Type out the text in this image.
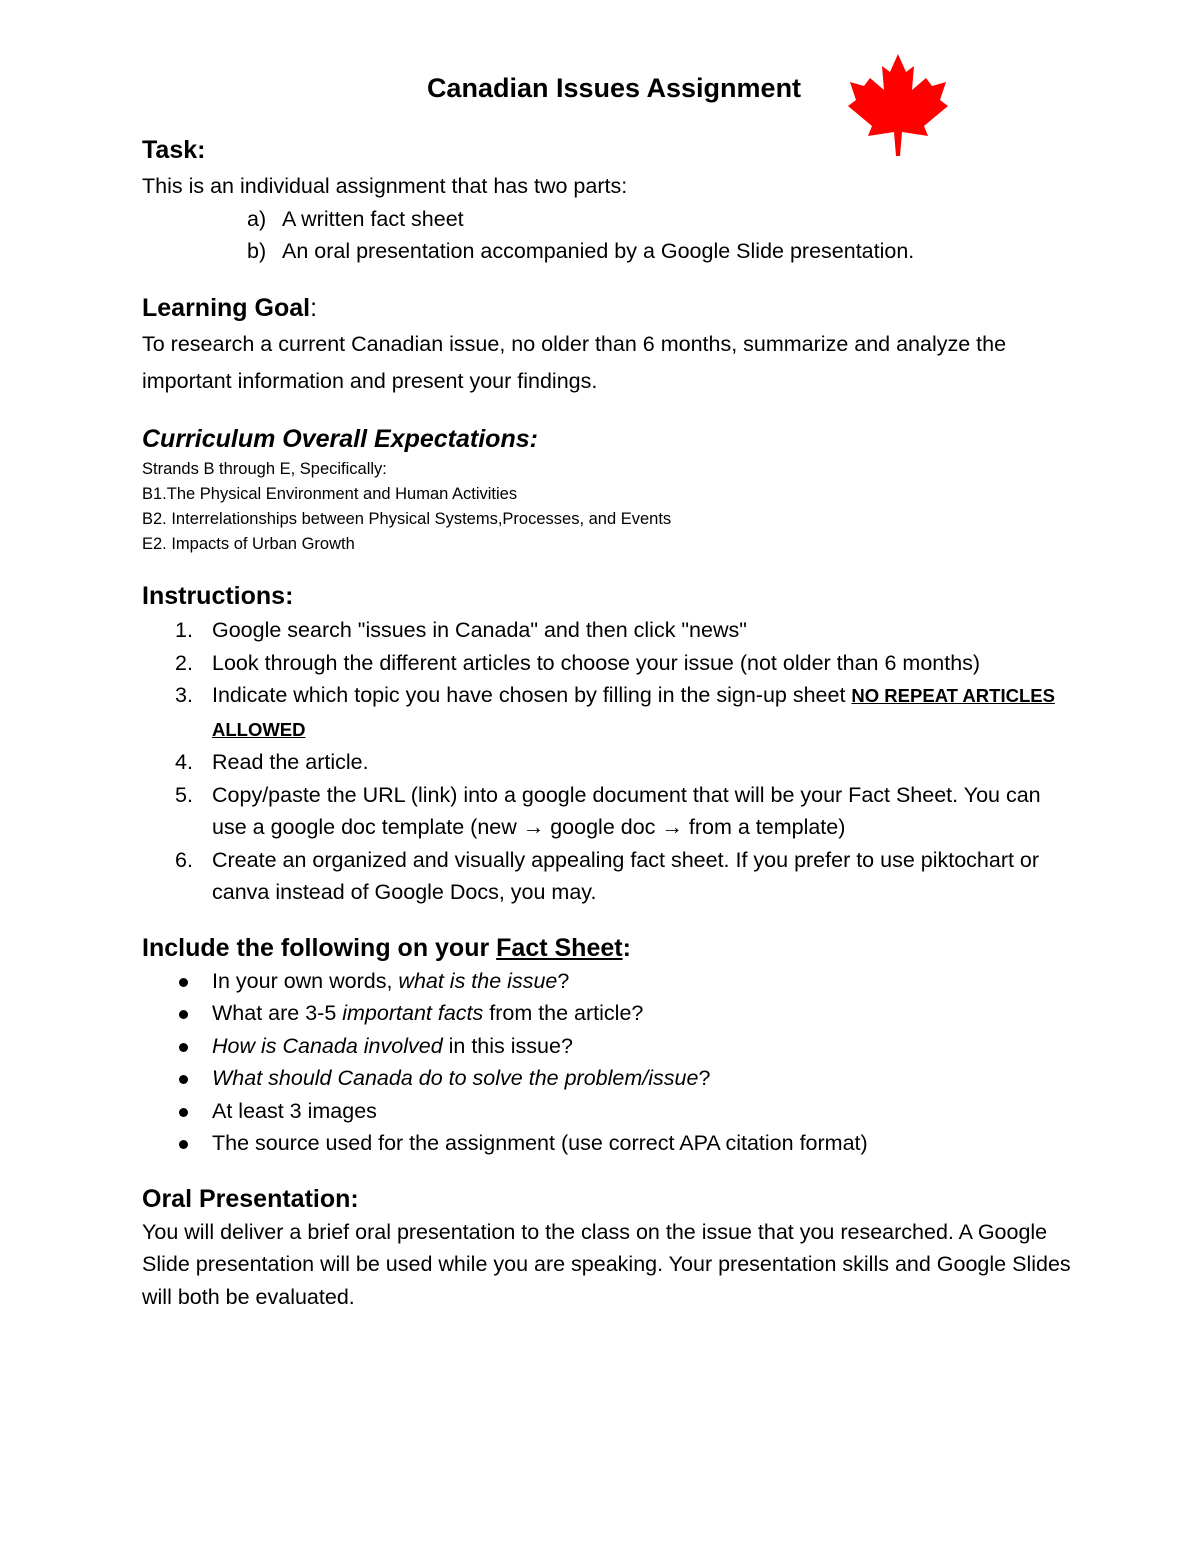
Canadian Issues Assignment
Task:

This is an individual assignment that has two parts:

a) A written fact sheet
b) An oral presentation accompanied by a Google Slide presentation.
Learning Goal:

To research a current Canadian issue, no older than 6 months, summarize and analyze the important information and present your findings.

Curriculum Overall Expectations:

Strands B through E, Specifically:

B1.The Physical Environment and Human Activities

B2. Interrelationships between Physical Systems,Processes, and Events

E2. Impacts of Urban Growth

Instructions:
1. Google search "issues in Canada" and then click "news"
2. Look through the different articles to choose your issue (not older than 6 months)
3. Indicate which topic you have chosen by filling in the sign-up sheet NO REPEAT ARTICLES ALLOWED
4. Read the article.
5. Copy/paste the URL (link) into a google document that will be your Fact Sheet. You can use a google doc template (new → google doc → from a template)
6. Create an organized and visually appealing fact sheet. If you prefer to use piktochart or canva instead of Google Docs, you may.
Include the following on your Fact Sheet:
In your own words, what is the issue?
What are 3-5 important facts from the article?
How is Canada involved in this issue?
What should Canada do to solve the problem/issue?
At least 3 images
The source used for the assignment (use correct APA citation format)
Oral Presentation:

You will deliver a brief oral presentation to the class on the issue that you researched. A Google Slide presentation will be used while you are speaking. Your presentation skills and Google Slides will both be evaluated.
